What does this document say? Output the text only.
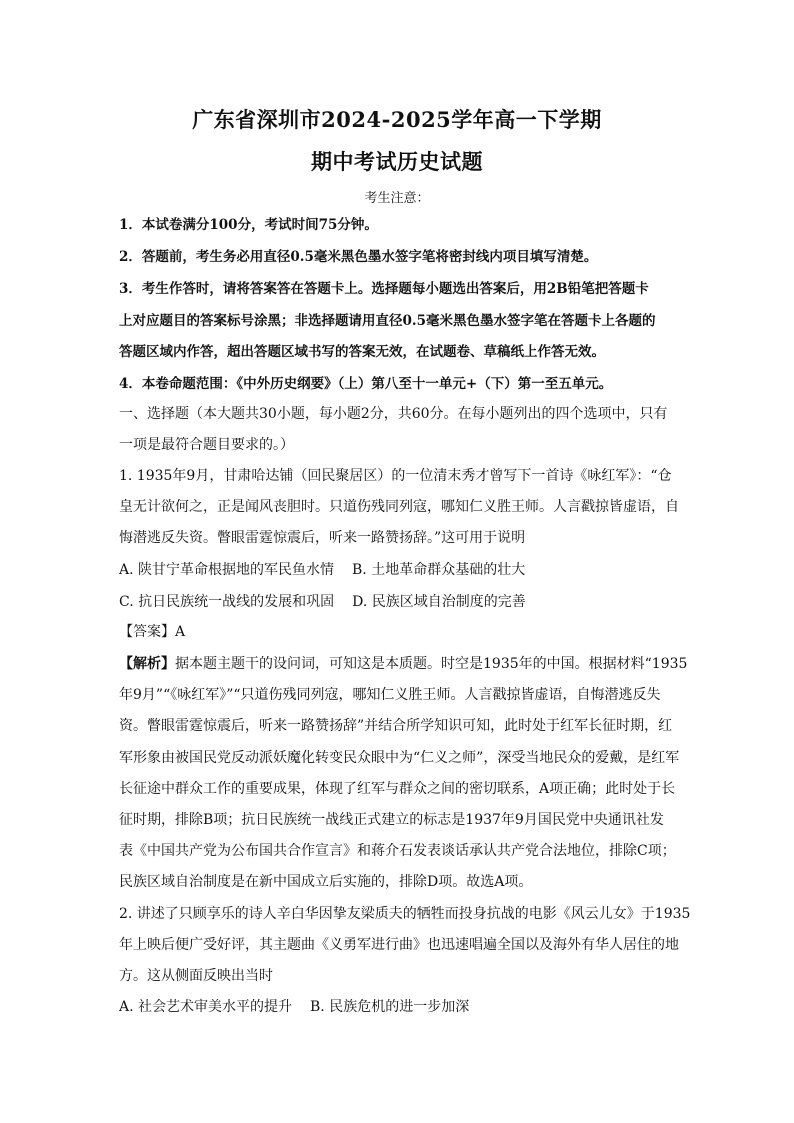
广东省深圳市2024-2025学年高一下学期
期中考试历史试题
考生注意：
1．本试卷满分100分，考试时间75分钟。
2．答题前，考生务必用直径0.5毫米黑色墨水签字笔将密封线内项目填写清楚。
3．考生作答时，请将答案答在答题卡上。选择题每小题选出答案后，用2B铅笔把答题卡
上对应题目的答案标号涂黑；非选择题请用直径0.5毫米黑色墨水签字笔在答题卡上各题的
答题区域内作答，超出答题区域书写的答案无效，在试题卷、草稿纸上作答无效。
4．本卷命题范围：《中外历史纲要》（上）第八至十一单元+（下）第一至五单元。
一、选择题（本大题共30小题，每小题2分，共60分。在每小题列出的四个选项中，只有
一项是最符合题目要求的。）
1. 1935年9月，甘肃哈达铺（回民聚居区）的一位清末秀才曾写下一首诗《咏红军》：“仓
皇无计欲何之，正是闻风丧胆时。只道伤残同列寇，哪知仁义胜王师。人言戳掠皆虚语，自
悔潜逃反失资。瞥眼雷霆惊震后，听来一路赞扬辞。”这可用于说明
A. 陕甘宁革命根据地的军民鱼水情 B. 土地革命群众基础的壮大
C. 抗日民族统一战线的发展和巩固 D. 民族区域自治制度的完善
【答案】A
【解析】据本题主题干的设问词，可知这是本质题。时空是1935年的中国。根据材料“1935
年9月”“《咏红军》”“只道伤残同列寇，哪知仁义胜王师。人言戳掠皆虚语，自悔潜逃反失
资。瞥眼雷霆惊震后，听来一路赞扬辞”并结合所学知识可知，此时处于红军长征时期，红
军形象由被国民党反动派妖魔化转变民众眼中为“仁义之师”，深受当地民众的爱戴，是红军
长征途中群众工作的重要成果，体现了红军与群众之间的密切联系，A项正确；此时处于长
征时期，排除B项；抗日民族统一战线正式建立的标志是1937年9月国民党中央通讯社发
表《中国共产党为公布国共合作宣言》和蒋介石发表谈话承认共产党合法地位，排除C项；
民族区域自治制度是在新中国成立后实施的，排除D项。故选A项。
2. 讲述了只顾享乐的诗人辛白华因挚友梁质夫的牺牲而投身抗战的电影《风云儿女》于1935
年上映后便广受好评，其主题曲《义勇军进行曲》也迅速唱遍全国以及海外有华人居住的地
方。这从侧面反映出当时
A. 社会艺术审美水平的提升 B. 民族危机的进一步加深
